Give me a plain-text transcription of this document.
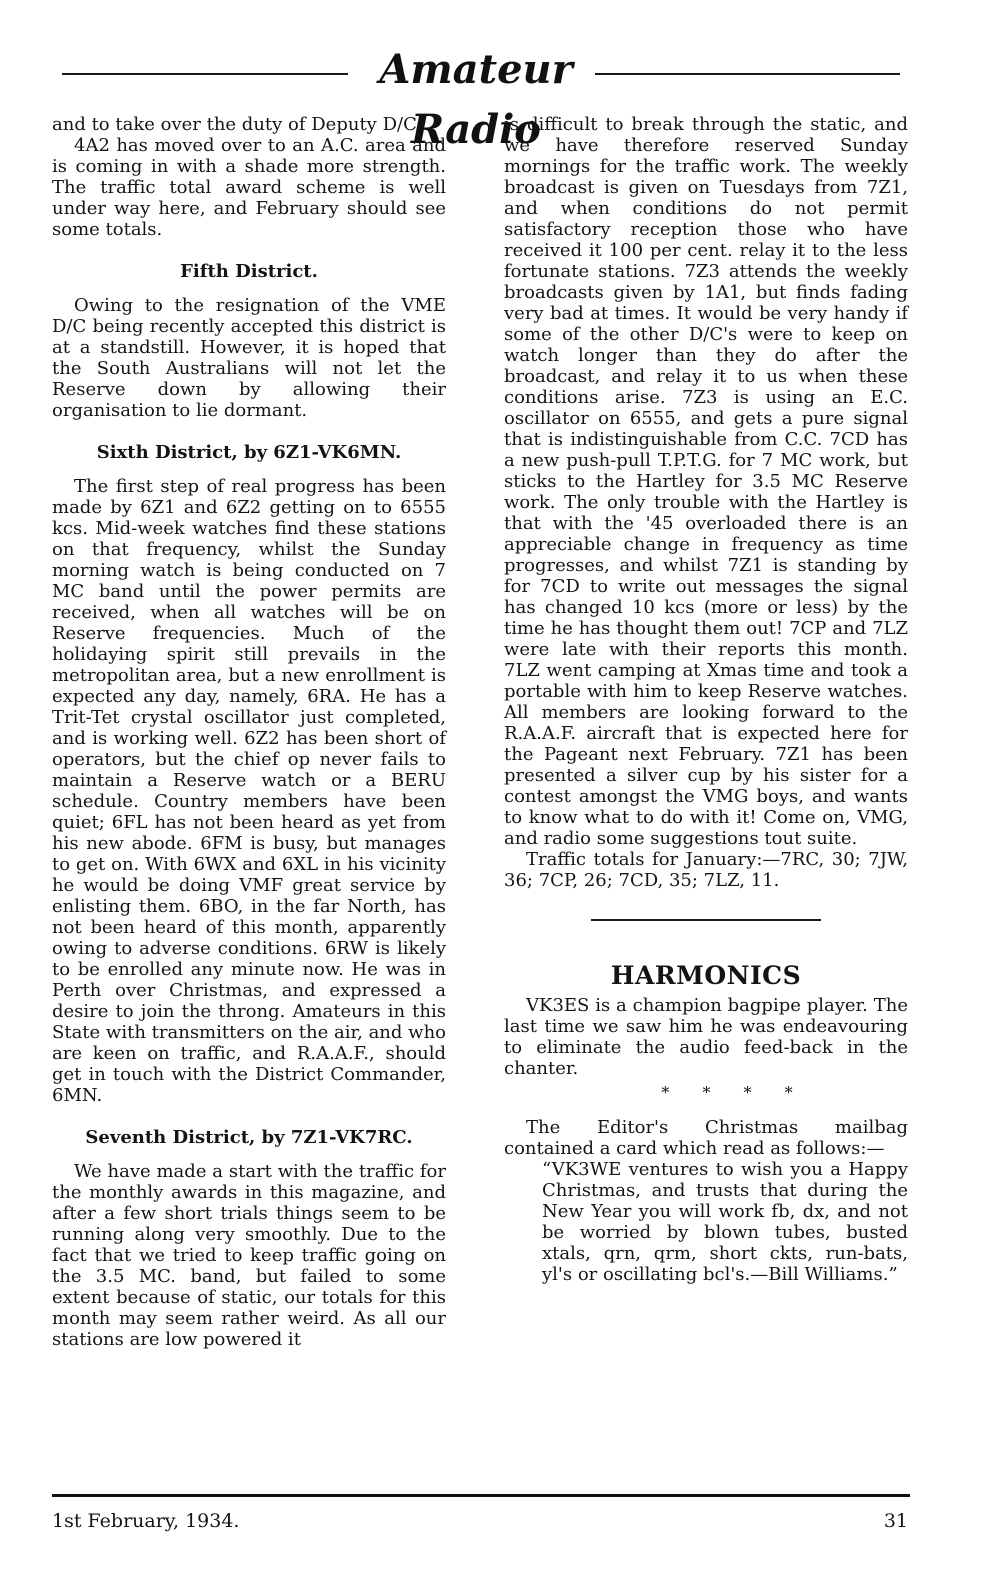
Amateur Radio

and to take over the duty of Deputy D/C.

4A2 has moved over to an A.C. area and is coming in with a shade more strength. The traffic total award scheme is well under way here, and February should see some totals.

Fifth District.

Owing to the resignation of the VME D/C being recently accepted this district is at a standstill. However, it is hoped that the South Australians will not let the Reserve down by allowing their organisation to lie dormant.

Sixth District, by 6Z1-VK6MN.

The first step of real progress has been made by 6Z1 and 6Z2 getting on to 6555 kcs. Mid-week watches find these stations on that frequency, whilst the Sunday morning watch is being conducted on 7 MC band until the power permits are received, when all watches will be on Reserve frequencies. Much of the holidaying spirit still prevails in the metropolitan area, but a new enrollment is expected any day, namely, 6RA. He has a Trit-Tet crystal oscillator just completed, and is working well. 6Z2 has been short of operators, but the chief op never fails to maintain a Reserve watch or a BERU schedule. Country members have been quiet; 6FL has not been heard as yet from his new abode. 6FM is busy, but manages to get on. With 6WX and 6XL in his vicinity he would be doing VMF great service by enlisting them. 6BO, in the far North, has not been heard of this month, apparently owing to adverse conditions. 6RW is likely to be enrolled any minute now. He was in Perth over Christmas, and expressed a desire to join the throng. Amateurs in this State with transmitters on the air, and who are keen on traffic, and R.A.A.F., should get in touch with the District Commander, 6MN.

Seventh District, by 7Z1-VK7RC.

We have made a start with the traffic for the monthly awards in this magazine, and after a few short trials things seem to be running along very smoothly. Due to the fact that we tried to keep traffic going on the 3.5 MC. band, but failed to some extent because of static, our totals for this month may seem rather weird. As all our stations are low powered it

is difficult to break through the static, and we have therefore reserved Sunday mornings for the traffic work. The weekly broadcast is given on Tuesdays from 7Z1, and when conditions do not permit satisfactory reception those who have received it 100 per cent. relay it to the less fortunate stations. 7Z3 attends the weekly broadcasts given by 1A1, but finds fading very bad at times. It would be very handy if some of the other D/C's were to keep on watch longer than they do after the broadcast, and relay it to us when these conditions arise. 7Z3 is using an E.C. oscillator on 6555, and gets a pure signal that is indistinguishable from C.C. 7CD has a new push-pull T.P.T.G. for 7 MC work, but sticks to the Hartley for 3.5 MC Reserve work. The only trouble with the Hartley is that with the '45 overloaded there is an appreciable change in frequency as time progresses, and whilst 7Z1 is standing by for 7CD to write out messages the signal has changed 10 kcs (more or less) by the time he has thought them out! 7CP and 7LZ were late with their reports this month. 7LZ went camping at Xmas time and took a portable with him to keep Reserve watches. All members are looking forward to the R.A.A.F. aircraft that is expected here for the Pageant next February. 7Z1 has been presented a silver cup by his sister for a contest amongst the VMG boys, and wants to know what to do with it! Come on, VMG, and radio some suggestions tout suite.

Traffic totals for January:—7RC, 30; 7JW, 36; 7CP, 26; 7CD, 35; 7LZ, 11.

HARMONICS

VK3ES is a champion bagpipe player. The last time we saw him he was endeavouring to eliminate the audio feed-back in the chanter.

* * * *

The Editor's Christmas mailbag contained a card which read as follows:—

“VK3WE ventures to wish you a Happy Christmas, and trusts that during the New Year you will work fb, dx, and not be worried by blown tubes, busted xtals, qrn, qrm, short ckts, run-bats, yl's or oscillating bcl's.—Bill Williams.”

1st February, 1934.	31
